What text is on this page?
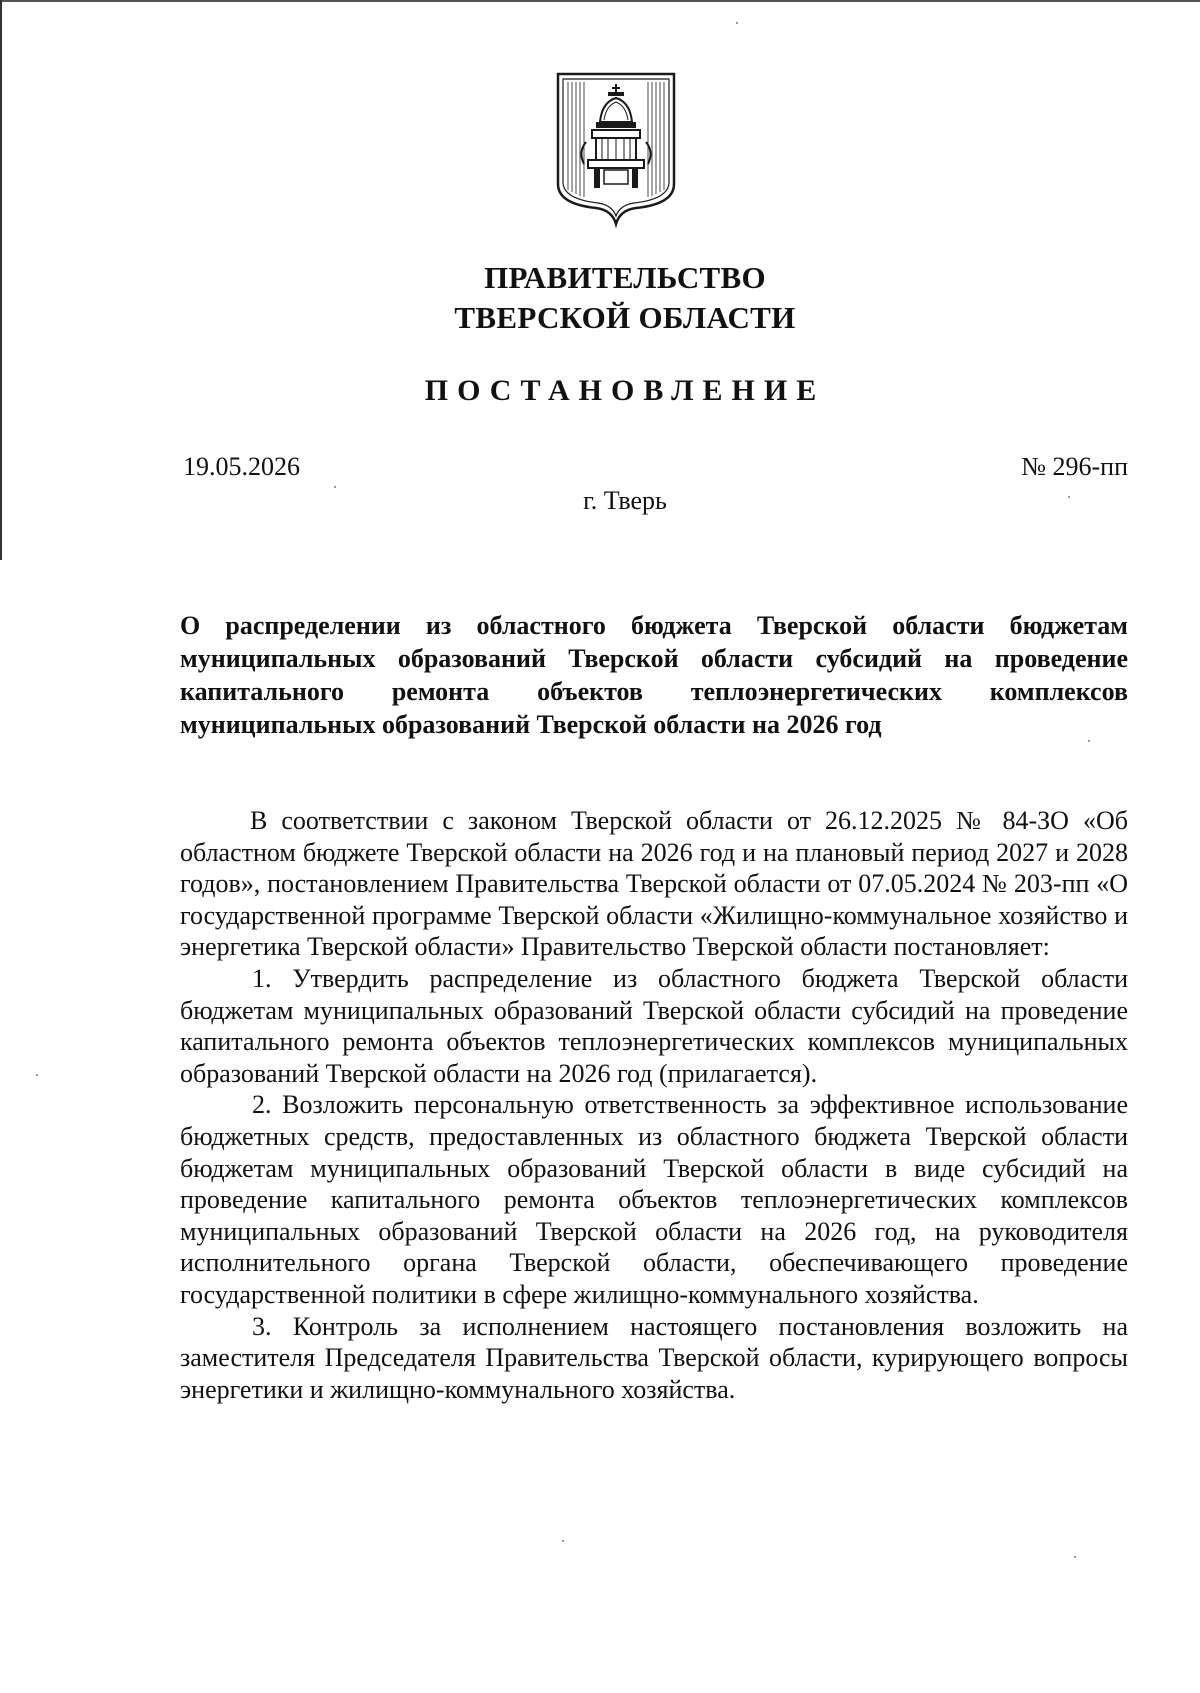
ПРАВИТЕЛЬСТВО
ТВЕРСКОЙ ОБЛАСТИ
ПОСТАНОВЛЕНИЕ
19.05.2026	№ 296-пп
г. Тверь
О распределении из областного бюджета Тверской области бюджетам муниципальных образований Тверской области субсидий на проведение капитального ремонта объектов теплоэнергетических комплексов муниципальных образований Тверской области на 2026 год

В соответствии с законом Тверской области от 26.12.2025 № 84-ЗО «Об областном бюджете Тверской области на 2026 год и на плановый период 2027 и 2028 годов», постановлением Правительства Тверской области от 07.05.2024 № 203-пп «О государственной программе Тверской области «Жилищно-коммунальное хозяйство и энергетика Тверской области» Правительство Тверской области постановляет:

1. Утвердить распределение из областного бюджета Тверской области бюджетам муниципальных образований Тверской области субсидий на проведение капитального ремонта объектов теплоэнергетических комплексов муниципальных образований Тверской области на 2026 год (прилагается).

2. Возложить персональную ответственность за эффективное использование бюджетных средств, предоставленных из областного бюджета Тверской области бюджетам муниципальных образований Тверской области в виде субсидий на проведение капитального ремонта объектов теплоэнергетических комплексов муниципальных образований Тверской области на 2026 год, на руководителя исполнительного органа Тверской области, обеспечивающего проведение государственной политики в сфере жилищно-коммунального хозяйства.

3. Контроль за исполнением настоящего постановления возложить на заместителя Председателя Правительства Тверской области, курирующего вопросы энергетики и жилищно-коммунального хозяйства.
